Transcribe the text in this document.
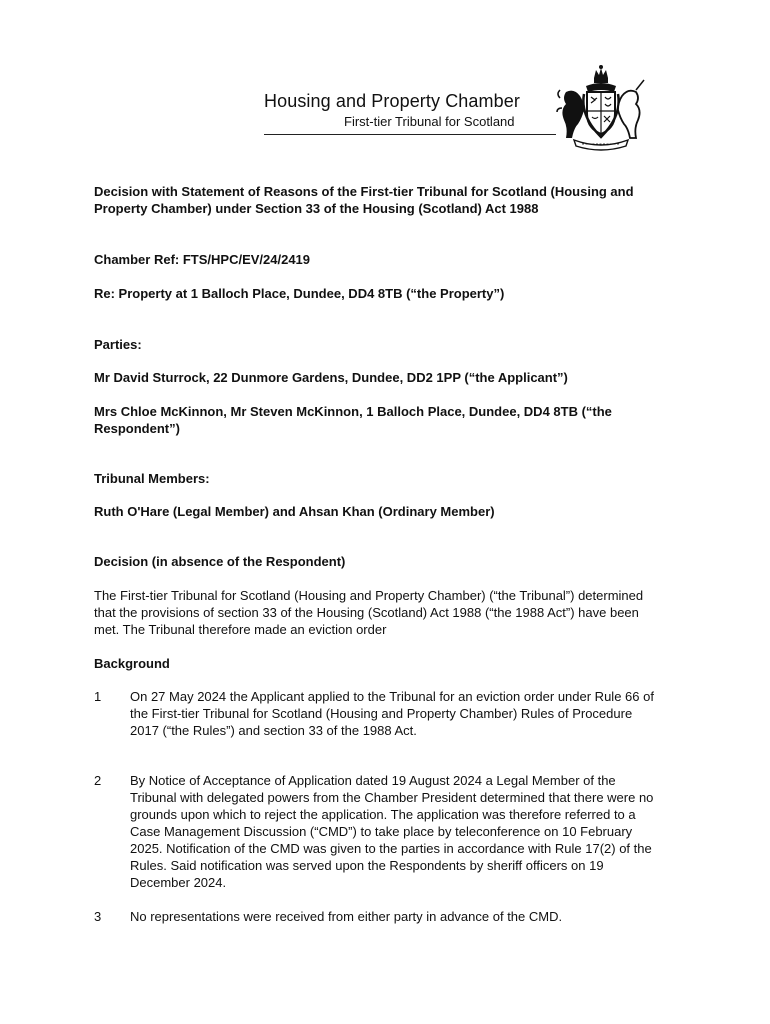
Housing and Property Chamber
First-tier Tribunal for Scotland
Decision with Statement of Reasons of the First-tier Tribunal for Scotland (Housing and Property Chamber) under Section 33 of the Housing (Scotland) Act 1988
Chamber Ref: FTS/HPC/EV/24/2419
Re: Property at 1 Balloch Place, Dundee, DD4 8TB (“the Property”)
Parties:
Mr David Sturrock, 22 Dunmore Gardens, Dundee, DD2 1PP (“the Applicant”)
Mrs Chloe McKinnon, Mr Steven McKinnon, 1 Balloch Place, Dundee, DD4 8TB (“the Respondent”)
Tribunal Members:
Ruth O'Hare (Legal Member) and Ahsan Khan (Ordinary Member)
Decision (in absence of the Respondent)
The First-tier Tribunal for Scotland (Housing and Property Chamber) (“the Tribunal”) determined that the provisions of section 33 of the Housing (Scotland) Act 1988 (“the 1988 Act”) have been met. The Tribunal therefore made an eviction order
Background
1	On 27 May 2024 the Applicant applied to the Tribunal for an eviction order under Rule 66 of the First-tier Tribunal for Scotland (Housing and Property Chamber) Rules of Procedure 2017 (“the Rules”) and section 33 of the 1988 Act.
2	By Notice of Acceptance of Application dated 19 August 2024 a Legal Member of the Tribunal with delegated powers from the Chamber President determined that there were no grounds upon which to reject the application. The application was therefore referred to a Case Management Discussion (“CMD”) to take place by teleconference on 10 February 2025. Notification of the CMD was given to the parties in accordance with Rule 17(2) of the Rules. Said notification was served upon the Respondents by sheriff officers on 19 December 2024.
3	No representations were received from either party in advance of the CMD.
